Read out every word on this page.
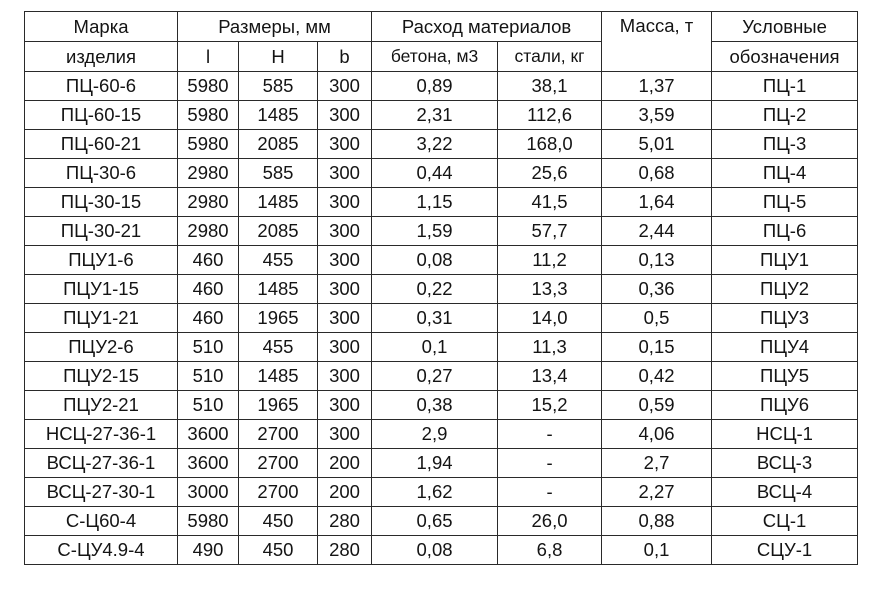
Марка	Размеры, мм			Расход материалов		Масса, т	Условные
изделия	l	H	b	бетона, м3	стали, кг		обозначения
ПЦ-60-6	5980	585	300	0,89	38,1	1,37	ПЦ-1
ПЦ-60-15	5980	1485	300	2,31	112,6	3,59	ПЦ-2
ПЦ-60-21	5980	2085	300	3,22	168,0	5,01	ПЦ-3
ПЦ-30-6	2980	585	300	0,44	25,6	0,68	ПЦ-4
ПЦ-30-15	2980	1485	300	1,15	41,5	1,64	ПЦ-5
ПЦ-30-21	2980	2085	300	1,59	57,7	2,44	ПЦ-6
ПЦУ1-6	460	455	300	0,08	11,2	0,13	ПЦУ1
ПЦУ1-15	460	1485	300	0,22	13,3	0,36	ПЦУ2
ПЦУ1-21	460	1965	300	0,31	14,0	0,5	ПЦУ3
ПЦУ2-6	510	455	300	0,1	11,3	0,15	ПЦУ4
ПЦУ2-15	510	1485	300	0,27	13,4	0,42	ПЦУ5
ПЦУ2-21	510	1965	300	0,38	15,2	0,59	ПЦУ6
НСЦ-27-36-1	3600	2700	300	2,9	-	4,06	НСЦ-1
ВСЦ-27-36-1	3600	2700	200	1,94	-	2,7	ВСЦ-3
ВСЦ-27-30-1	3000	2700	200	1,62	-	2,27	ВСЦ-4
С-Ц60-4	5980	450	280	0,65	26,0	0,88	СЦ-1
С-ЦУ4.9-4	490	450	280	0,08	6,8	0,1	СЦУ-1
